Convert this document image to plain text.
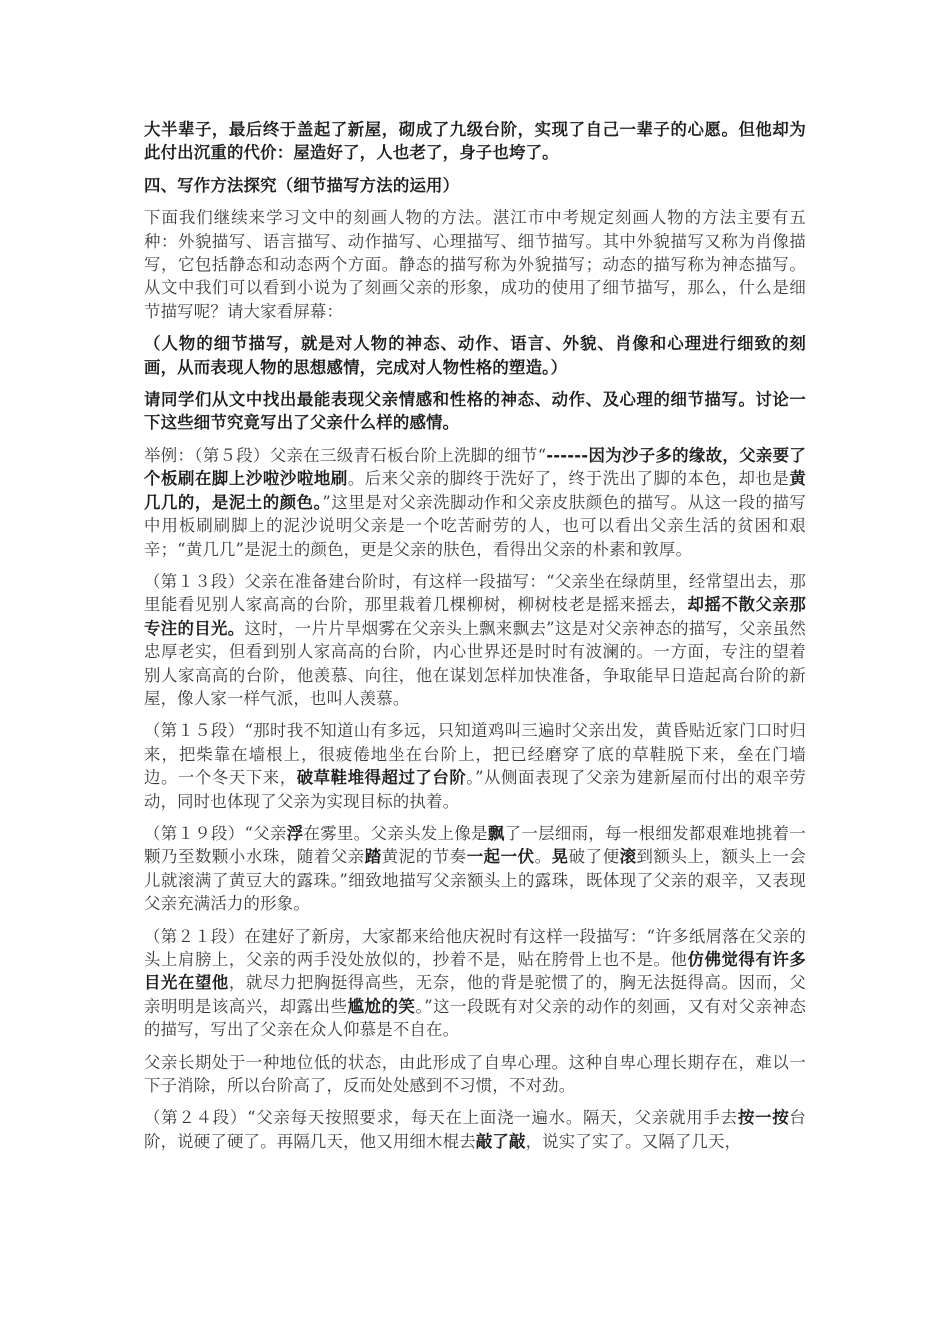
大半辈子，最后终于盖起了新屋，砌成了九级台阶，实现了自己一辈子的心愿。但他却为此付出沉重的代价：屋造好了，人也老了，身子也垮了。

四、写作方法探究（细节描写方法的运用）

下面我们继续来学习文中的刻画人物的方法。湛江市中考规定刻画人物的方法主要有五种：外貌描写、语言描写、动作描写、心理描写、细节描写。其中外貌描写又称为肖像描写，它包括静态和动态两个方面。静态的描写称为外貌描写；动态的描写称为神态描写。从文中我们可以看到小说为了刻画父亲的形象，成功的使用了细节描写，那么，什么是细节描写呢？请大家看屏幕：

（人物的细节描写，就是对人物的神态、动作、语言、外貌、肖像和心理进行细致的刻画，从而表现人物的思想感情，完成对人物性格的塑造。）

请同学们从文中找出最能表现父亲情感和性格的神态、动作、及心理的细节描写。讨论一下这些细节究竟写出了父亲什么样的感情。

举例：（第５段）父亲在三级青石板台阶上洗脚的细节“------因为沙子多的缘故，父亲要了个板刷在脚上沙啦沙啦地刷。后来父亲的脚终于洗好了，终于洗出了脚的本色，却也是黄几几的，是泥土的颜色。”这里是对父亲洗脚动作和父亲皮肤颜色的描写。从这一段的描写中用板刷刷脚上的泥沙说明父亲是一个吃苦耐劳的人，也可以看出父亲生活的贫困和艰辛；“黄几几”是泥土的颜色，更是父亲的肤色，看得出父亲的朴素和敦厚。

（第１３段）父亲在准备建台阶时，有这样一段描写：“父亲坐在绿荫里，经常望出去，那里能看见别人家高高的台阶，那里栽着几棵柳树，柳树枝老是摇来摇去，却摇不散父亲那专注的目光。这时，一片片旱烟雾在父亲头上飘来飘去”这是对父亲神态的描写，父亲虽然忠厚老实，但看到别人家高高的台阶，内心世界还是时时有波澜的。一方面，专注的望着别人家高高的台阶，他羡慕、向往，他在谋划怎样加快准备，争取能早日造起高台阶的新屋，像人家一样气派，也叫人羡慕。

（第１５段）“那时我不知道山有多远，只知道鸡叫三遍时父亲出发，黄昏贴近家门口时归来，把柴靠在墙根上，很疲倦地坐在台阶上，把已经磨穿了底的草鞋脱下来，垒在门墙边。一个冬天下来，破草鞋堆得超过了台阶。”从侧面表现了父亲为建新屋而付出的艰辛劳动，同时也体现了父亲为实现目标的执着。

（第１９段）“父亲浮在雾里。父亲头发上像是飘了一层细雨，每一根细发都艰难地挑着一颗乃至数颗小水珠，随着父亲踏黄泥的节奏一起一伏。晃破了便滚到额头上，额头上一会儿就滚满了黄豆大的露珠。”细致地描写父亲额头上的露珠，既体现了父亲的艰辛，又表现父亲充满活力的形象。

（第２１段）在建好了新房，大家都来给他庆祝时有这样一段描写：“许多纸屑落在父亲的头上肩膀上，父亲的两手没处放似的，抄着不是，贴在胯骨上也不是。他仿佛觉得有许多目光在望他，就尽力把胸挺得高些，无奈，他的背是驼惯了的，胸无法挺得高。因而，父亲明明是该高兴，却露出些尴尬的笑。”这一段既有对父亲的动作的刻画，又有对父亲神态的描写，写出了父亲在众人仰慕是不自在。

父亲长期处于一种地位低的状态，由此形成了自卑心理。这种自卑心理长期存在，难以一下子消除，所以台阶高了，反而处处感到不习惯，不对劲。

（第２４段）“父亲每天按照要求，每天在上面浇一遍水。隔天，父亲就用手去按一按台阶，说硬了硬了。再隔几天，他又用细木棍去敲了敲，说实了实了。又隔了几天，
